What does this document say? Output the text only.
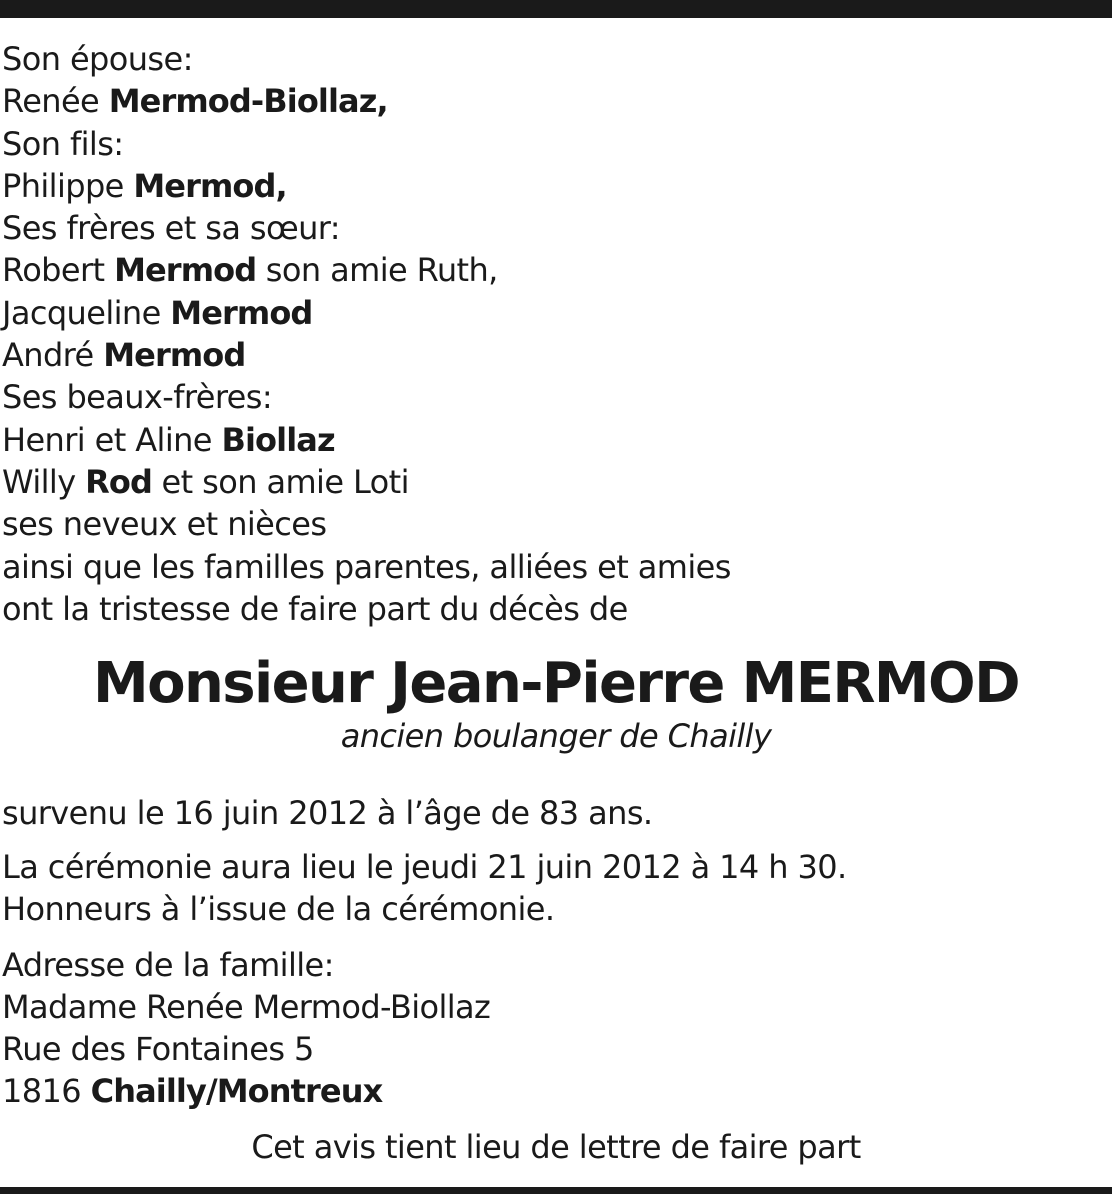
Son épouse:
Renée Mermod-Biollaz,
Son fils:
Philippe Mermod,
Ses frères et sa sœur:
Robert Mermod son amie Ruth,
Jacqueline Mermod
André Mermod
Ses beaux-frères:
Henri et Aline Biollaz
Willy Rod et son amie Loti
ses neveux et nièces
ainsi que les familles parentes, alliées et amies
ont la tristesse de faire part du décès de
Monsieur Jean-Pierre MERMOD
ancien boulanger de Chailly
survenu le 16 juin 2012 à l’âge de 83 ans.
La cérémonie aura lieu le jeudi 21 juin 2012 à 14 h 30.
Honneurs à l’issue de la cérémonie.
Adresse de la famille:
Madame Renée Mermod-Biollaz
Rue des Fontaines 5
1816 Chailly/Montreux
Cet avis tient lieu de lettre de faire part
